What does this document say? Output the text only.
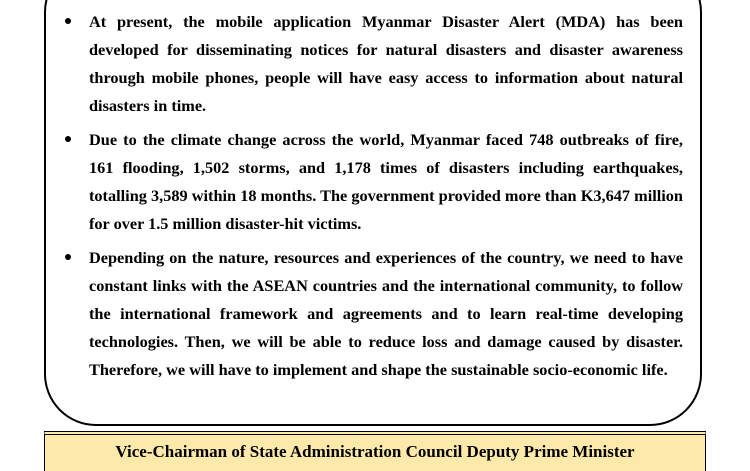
At present, the mobile application Myanmar Disaster Alert (MDA) has been developed for disseminating notices for natural disasters and disaster awareness through mobile phones, people will have easy access to information about natural disasters in time.
Due to the climate change across the world, Myanmar faced 748 outbreaks of fire, 161 flooding, 1,502 storms, and 1,178 times of disasters including earthquakes, totalling 3,589 within 18 months. The government provided more than K3,647 million for over 1.5 million disaster-hit victims.
Depending on the nature, resources and experiences of the country, we need to have constant links with the ASEAN countries and the international community, to follow the international framework and agreements and to learn real-time developing technologies. Then, we will be able to reduce loss and damage caused by disaster. Therefore, we will have to implement and shape the sustainable socio-economic life.
Vice-Chairman of State Administration Council Deputy Prime Minister
